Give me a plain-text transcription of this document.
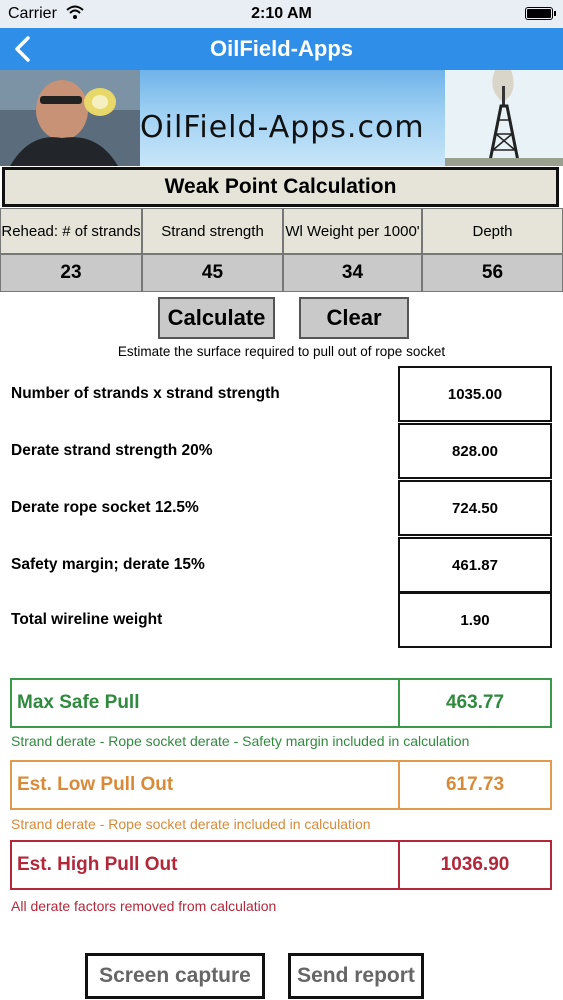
Carrier	2:10 AM
OilField-Apps
OilField-Apps.com
Weak Point Calculation
Rehead: # of strands	Strand strength	Wl Weight per 1000'	Depth
23	45	34	56
Calculate	Clear
Estimate the surface required to pull out of rope socket
Number of strands x strand strength	1035.00
Derate strand strength 20%	828.00
Derate rope socket 12.5%	724.50
Safety margin; derate 15%	461.87
Total wireline weight	1.90
Max Safe Pull	463.77
Strand derate - Rope socket derate - Safety margin included in calculation
Est. Low Pull Out	617.73
Strand derate - Rope socket derate included in calculation
Est. High Pull Out	1036.90
All derate factors removed from calculation
Screen capture	Send report
